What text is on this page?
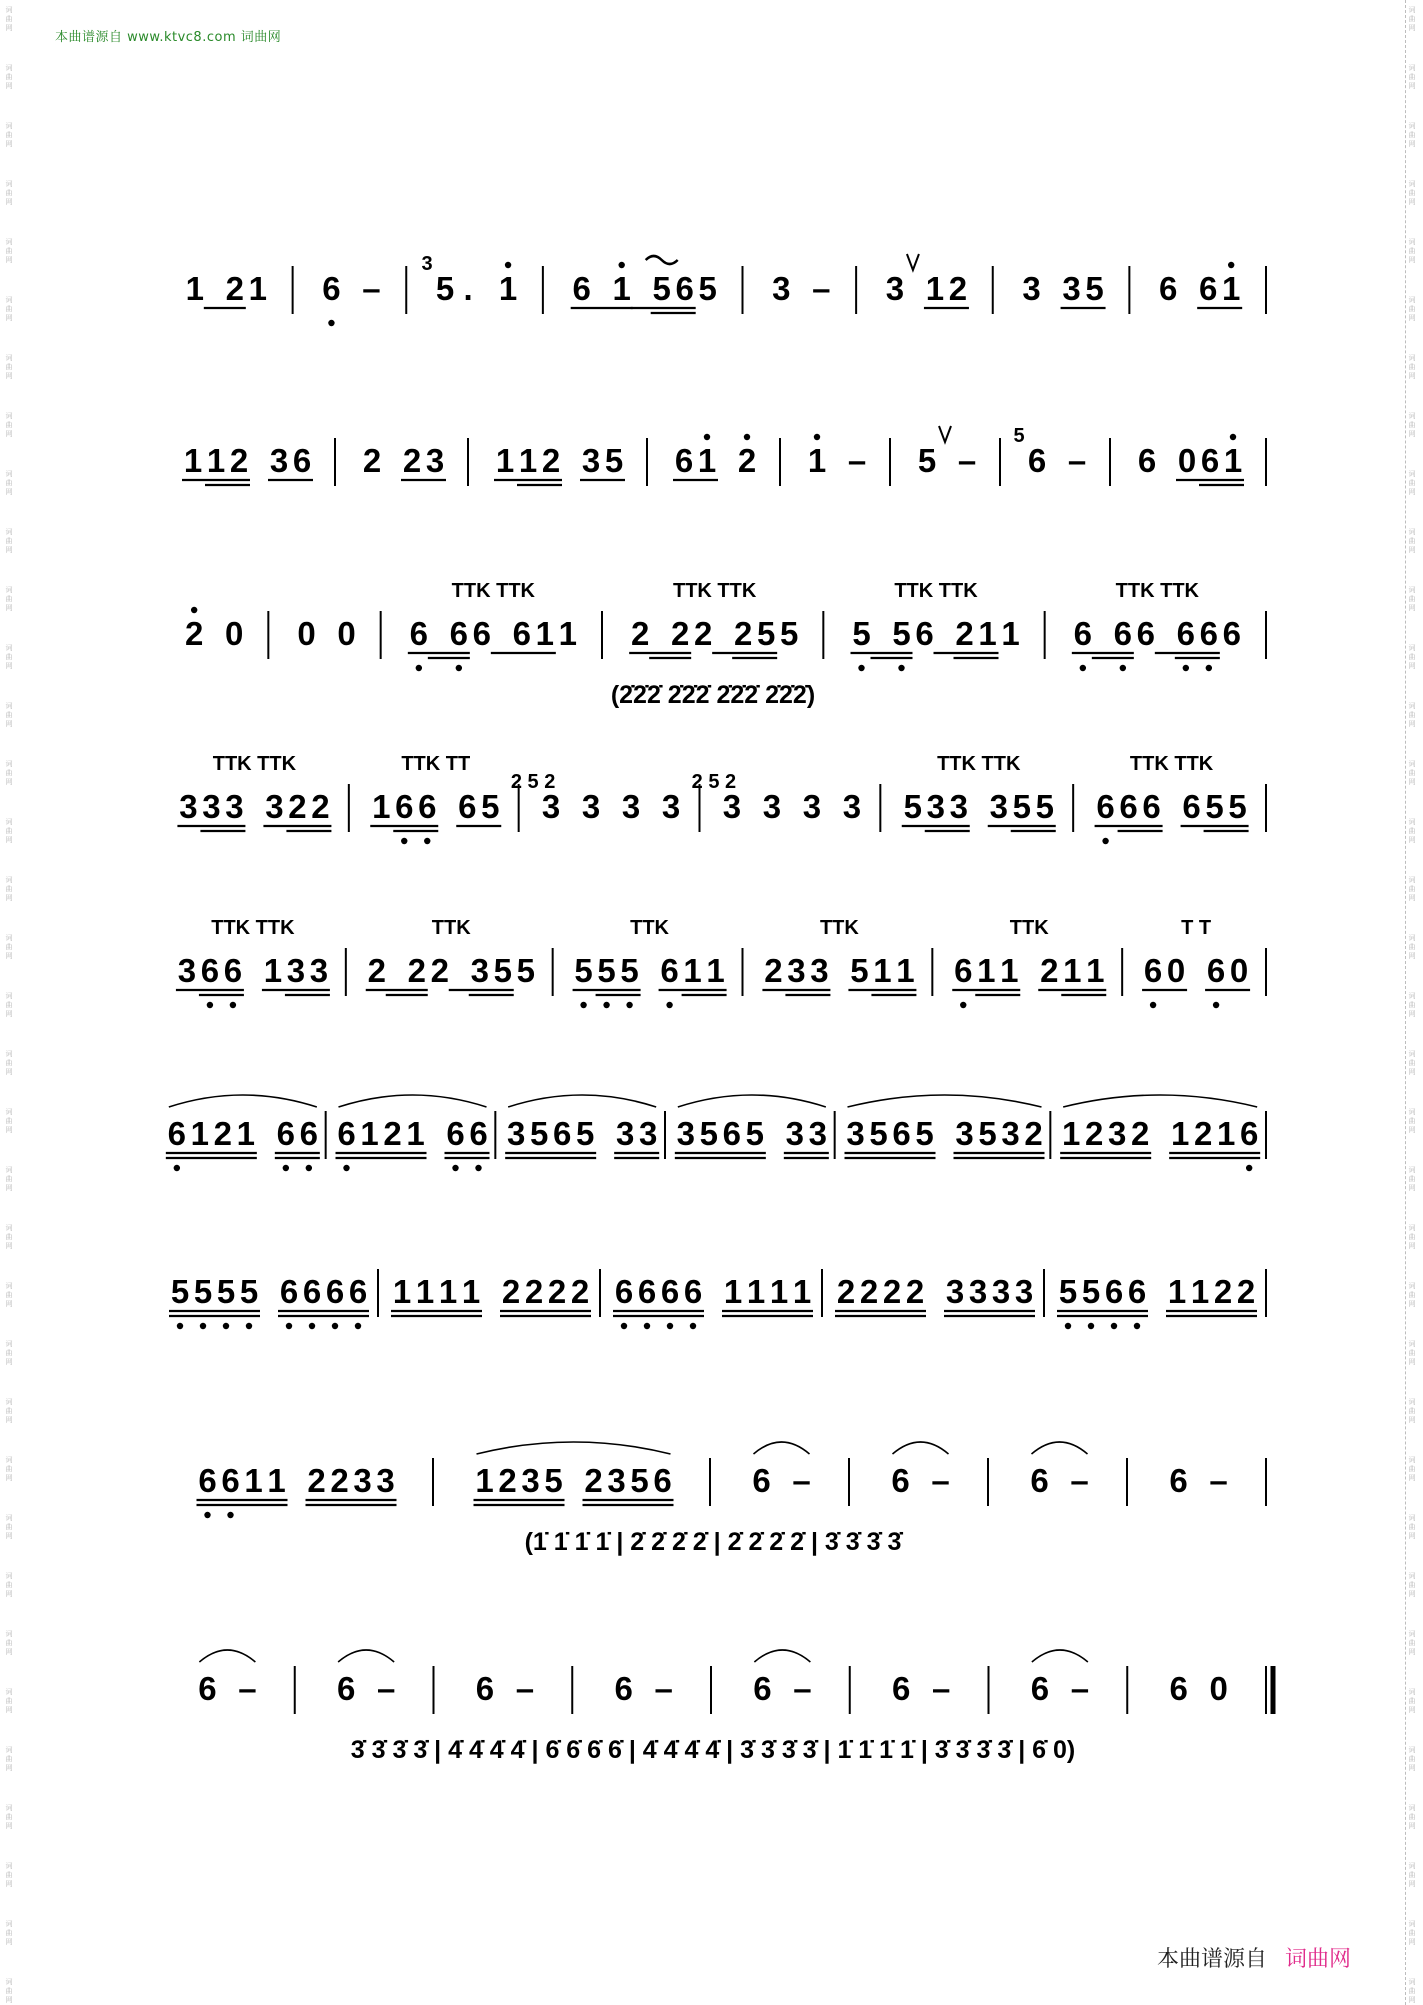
词
曲
网
词
曲
网
词
曲
网
词
曲
网
词
曲
网
词
曲
网
词
曲
网
词
曲
网
词
曲
网
词
曲
网
词
曲
网
词
曲
网
词
曲
网
词
曲
网
词
曲
网
词
曲
网
词
曲
网
词
曲
网
词
曲
网
词
曲
网
词
曲
网
词
曲
网
词
曲
网
词
曲
网
词
曲
网
词
曲
网
词
曲
网
词
曲
网
词
曲
网
词
曲
网
词
曲
网
词
曲
网
词
曲
网
词
曲
网
词
曲
网
词
曲
网
词
曲
网
词
曲
网
词
曲
网
词
曲
网
词
曲
网
词
曲
网
词
曲
网
词
曲
网
词
曲
网
词
曲
网
词
曲
网
词
曲
网
词
曲
网
词
曲
网
词
曲
网
词
曲
网
词
曲
网
词
曲
网
词
曲
网
词
曲
网
词
曲
网
词
曲
网
词
曲
网
词
曲
网
词
曲
网
词
曲
网
词
曲
网
词
曲
网
词
曲
网
词
曲
网
词
曲
网
词
曲
网
词
曲
网
词
曲
网
本曲谱源自 www.ktvc8.com 词曲网
1 2 1 6 – 5 . 1
3
6 1 5 6 5 3 – 3 1 2 3 3 5 6 6 1
1 1 2 3 6 2 2 3 1 1 2 3 5 6 1 2 1 – 5 – 6 –
5
6 0 6 1
2 0 0 0 6 6 6 6 1 1
TTK TTK
2 2 2 2 5 5
TTK TTK
5 5 6 2 1 1
TTK TTK
6 6 6 6 6 6
TTK TTK
(2̇2̇2̇ 2̇2̇2̇ 2̇2̇2̇ 2̇2̇2̇)
3 3 3 3 2 2
TTK TTK
1 6 6 6 5
TTK TT
3 3 3 3
2 5 2
3 3 3 3
2 5 2
5 3 3 3 5 5
TTK TTK
6 6 6 6 5 5
TTK TTK
3 6 6 1 3 3
TTK TTK
2 2 2 3 5 5
TTK
5 5 5 6 1 1
TTK
2 3 3 5 1 1
TTK
6 1 1 2 1 1
TTK
6 0 6 0
T T
6 1 2 1 6 6 6 1 2 1 6 6 3 5 6 5 3 3 3 5 6 5 3 3 3 5 6 5 3 5 3 2 1 2 3 2 1 2 1 6
5 5 5 5 6 6 6 6 1 1 1 1 2 2 2 2 6 6 6 6 1 1 1 1 2 2 2 2 3 3 3 3 5 5 6 6 1 1 2 2
6 6 1 1 2 2 3 3 1 2 3 5 2 3 5 6 6 – 6 – 6 – 6 –
(1̇ 1̇ 1̇ 1̇ | 2̇ 2̇ 2̇ 2̇ | 2̇ 2̇ 2̇ 2̇ | 3̇ 3̇ 3̇ 3̇
6 – 6 – 6 – 6 – 6 – 6 – 6 – 6 0
3̇ 3̇ 3̇ 3̇ | 4̇ 4̇ 4̇ 4̇ | 6̇ 6̇ 6̇ 6̇ | 4̇ 4̇ 4̇ 4̇ | 3̇ 3̇ 3̇ 3̇ | 1̇ 1̇ 1̇ 1̇ | 3̇ 3̇ 3̇ 3̇ | 6̇ 0)
本曲谱源自 词曲网
